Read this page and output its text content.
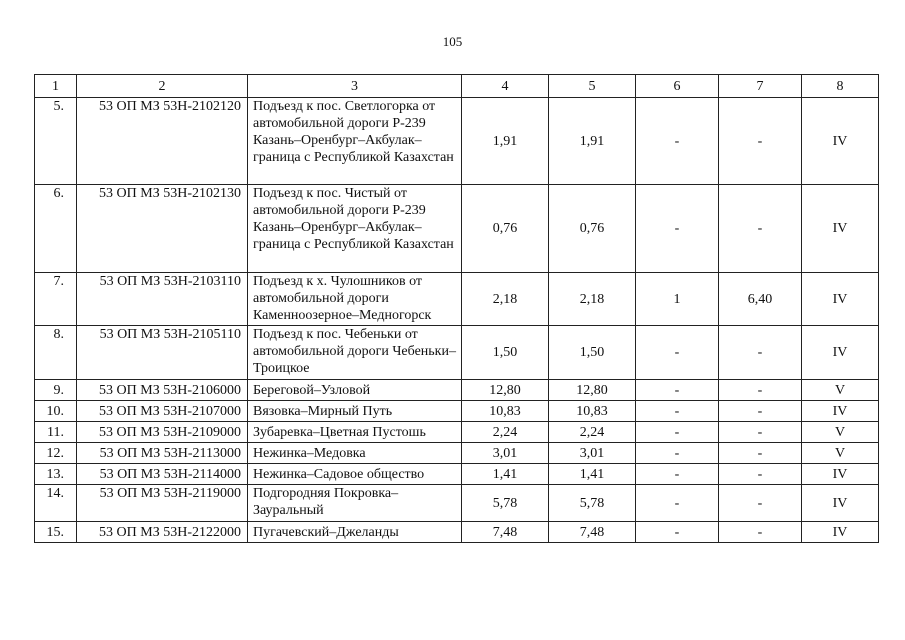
105
1	2	3	4	5	6	7	8
5.	53 ОП МЗ 53Н-2102120	Подъезд к пос. Светлогорка от автомобильной дороги Р-239 Казань–Оренбург–Акбулак–граница с Республикой Казахстан	1,91	1,91	-	-	IV
6.	53 ОП МЗ 53Н-2102130	Подъезд к пос. Чистый от автомобильной дороги Р-239 Казань–Оренбург–Акбулак–граница с Республикой Казахстан	0,76	0,76	-	-	IV
7.	53 ОП МЗ 53Н-2103110	Подъезд к х. Чулошников от автомобильной дороги Каменноозерное–Медногорск	2,18	2,18	1	6,40	IV
8.	53 ОП МЗ 53Н-2105110	Подъезд к пос. Чебеньки от автомобильной дороги Чебеньки–Троицкое	1,50	1,50	-	-	IV
9.	53 ОП МЗ 53Н-2106000	Береговой–Узловой	12,80	12,80	-	-	V
10.	53 ОП МЗ 53Н-2107000	Вязовка–Мирный Путь	10,83	10,83	-	-	IV
11.	53 ОП МЗ 53Н-2109000	Зубаревка–Цветная Пустошь	2,24	2,24	-	-	V
12.	53 ОП МЗ 53Н-2113000	Нежинка–Медовка	3,01	3,01	-	-	V
13.	53 ОП МЗ 53Н-2114000	Нежинка–Садовое общество	1,41	1,41	-	-	IV
14.	53 ОП МЗ 53Н-2119000	Подгородняя Покровка–Зауральный	5,78	5,78	-	-	IV
15.	53 ОП МЗ 53Н-2122000	Пугачевский–Джеланды	7,48	7,48	-	-	IV
